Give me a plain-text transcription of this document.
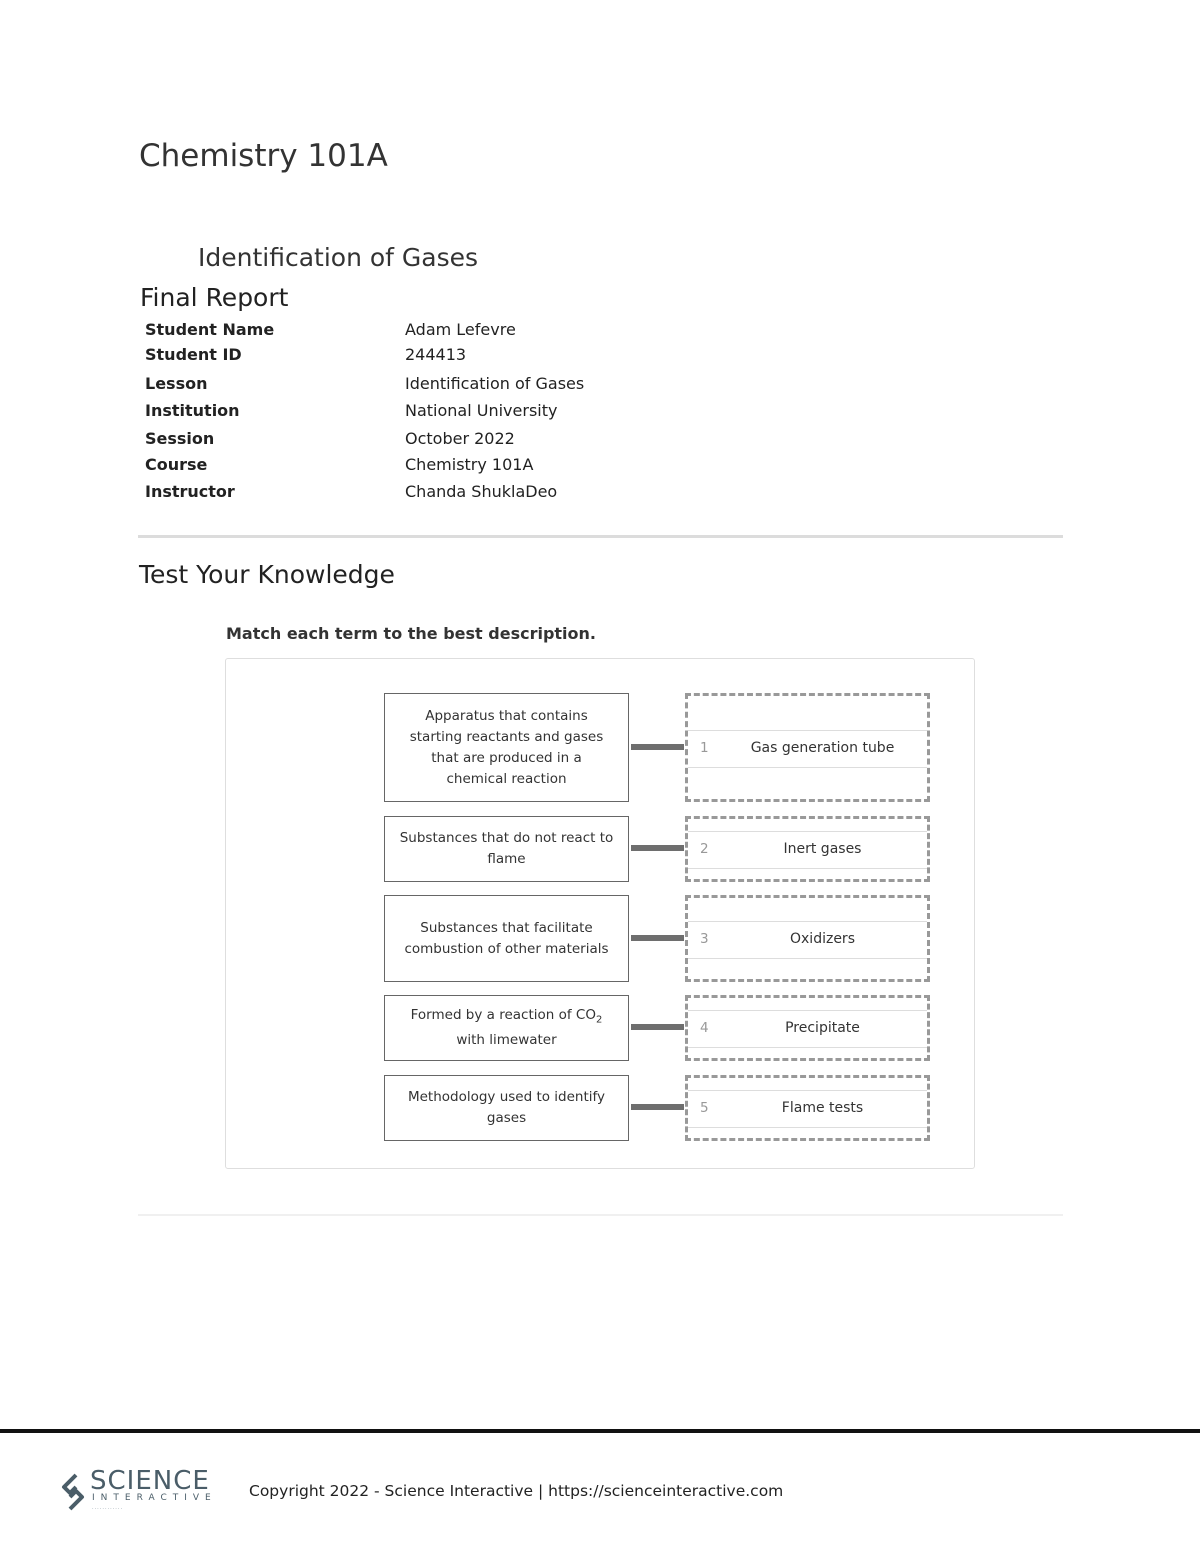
Chemistry 101A
Identification of Gases
Final Report
Student Name	Adam Lefevre
Student ID	244413
Lesson	Identification of Gases
Institution	National University
Session	October 2022
Course	Chemistry 101A
Instructor	Chanda ShuklaDeo
Test Your Knowledge
Match each term to the best description.
Apparatus that contains starting reactants and gases that are produced in a chemical reaction
1	Gas generation tube
Substances that do not react to flame
2	Inert gases
Substances that facilitate combustion of other materials
3	Oxidizers
Formed by a reaction of $CO_2$ with limewater
4	Precipitate
Methodology used to identify gases
5	Flame tests
SCIENCE
INTERACTIVE
············
Copyright 2022 - Science Interactive | https://scienceinteractive.com
